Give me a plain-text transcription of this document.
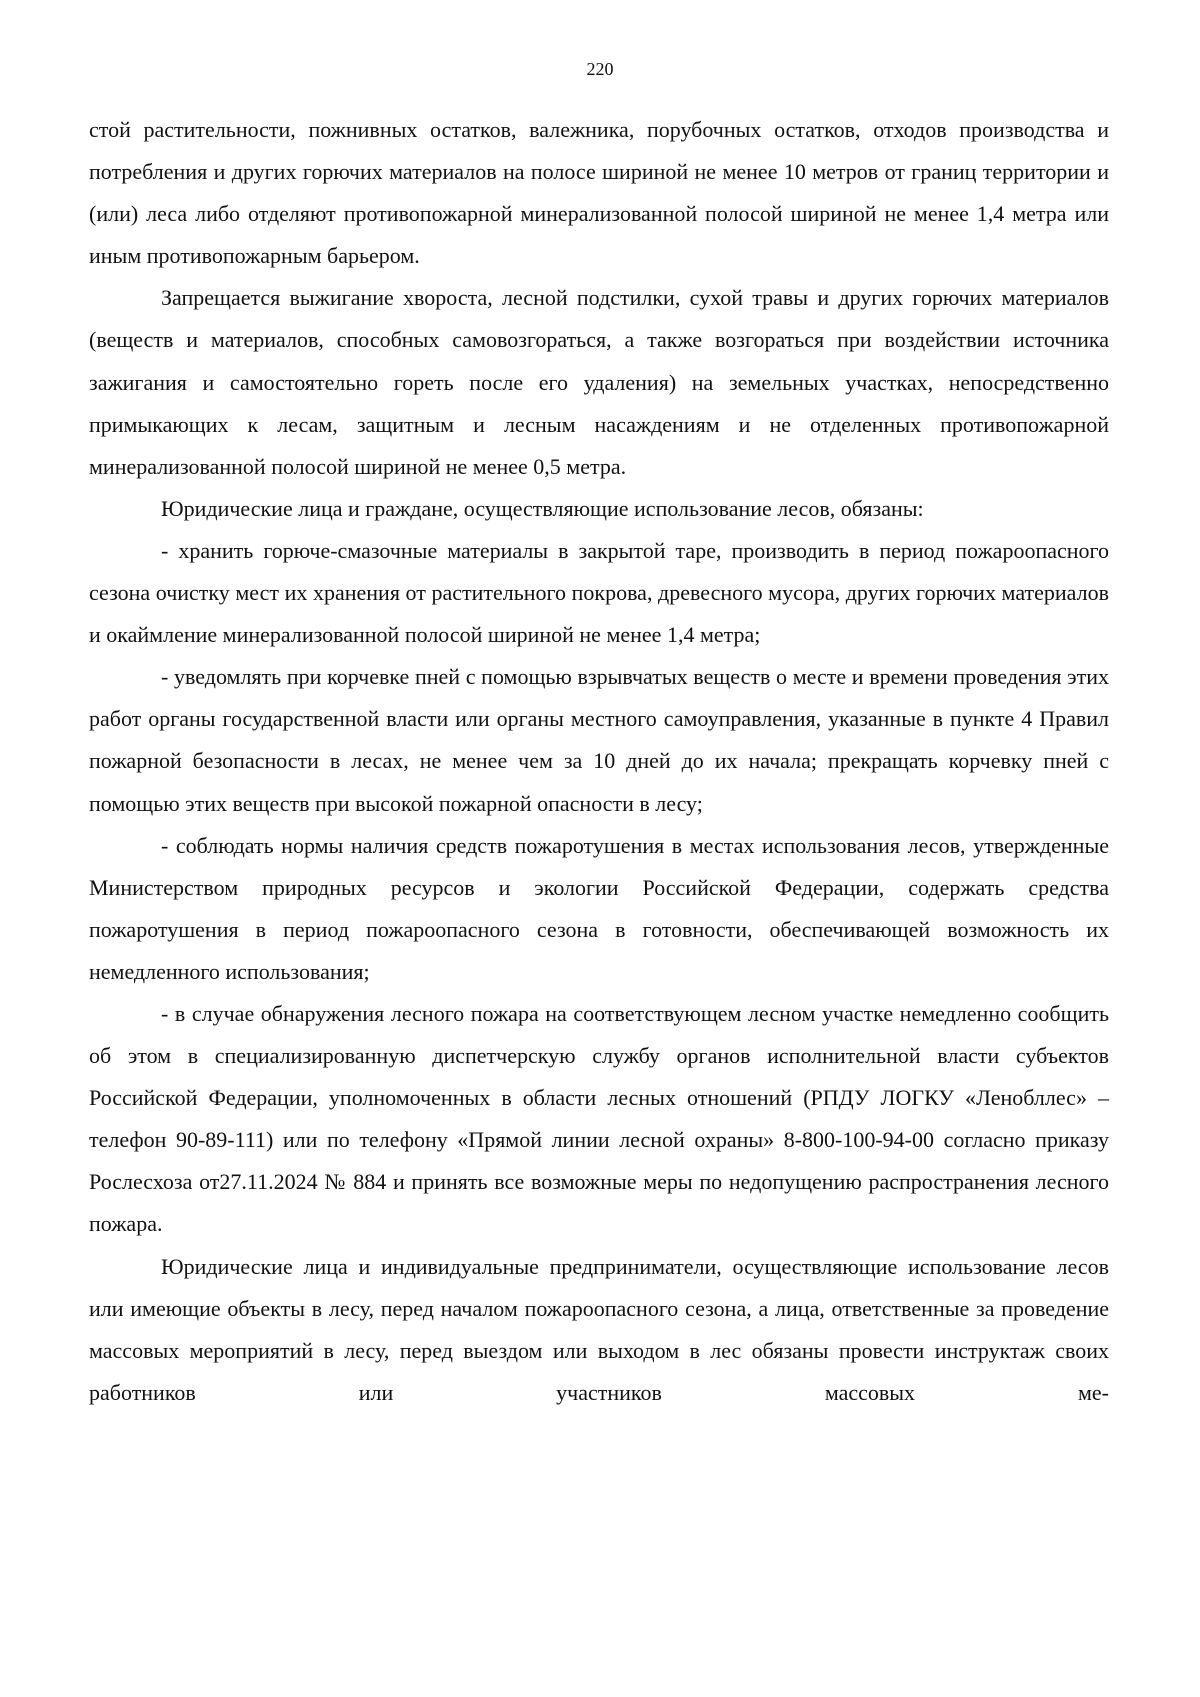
220

стой растительности, пожнивных остатков, валежника, порубочных остатков, отходов производства и потребления и других горючих материалов на полосе шириной не менее 10 метров от границ территории и (или) леса либо отделяют противопожарной минерализованной полосой шириной не менее 1,4 метра или иным противопожарным барьером.

Запрещается выжигание хвороста, лесной подстилки, сухой травы и других горючих материалов (веществ и материалов, способных самовозгораться, а также возгораться при воздействии источника зажигания и самостоятельно гореть после его удаления) на земельных участках, непосредственно примыкающих к лесам, защитным и лесным насаждениям и не отделенных противопожарной минерализованной полосой шириной не менее 0,5 метра.

Юридические лица и граждане, осуществляющие использование лесов, обязаны:

- хранить горюче-смазочные материалы в закрытой таре, производить в период пожароопасного сезона очистку мест их хранения от растительного покрова, древесного мусора, других горючих материалов и окаймление минерализованной полосой шириной не менее 1,4 метра;

- уведомлять при корчевке пней с помощью взрывчатых веществ о месте и времени проведения этих работ органы государственной власти или органы местного самоуправления, указанные в пункте 4 Правил пожарной безопасности в лесах, не менее чем за 10 дней до их начала; прекращать корчевку пней с помощью этих веществ при высокой пожарной опасности в лесу;

- соблюдать нормы наличия средств пожаротушения в местах использования лесов, утвержденные Министерством природных ресурсов и экологии Российской Федерации, содержать средства пожаротушения в период пожароопасного сезона в готовности, обеспечивающей возможность их немедленного использования;

- в случае обнаружения лесного пожара на соответствующем лесном участке немедленно сообщить об этом в специализированную диспетчерскую службу органов исполнительной власти субъектов Российской Федерации, уполномоченных в области лесных отношений (РПДУ ЛОГКУ «Ленобллес» – телефон 90-89-111) или по телефону «Прямой линии лесной охраны» 8-800-100-94-00 согласно приказу Рослесхоза от27.11.2024 № 884 и принять все возможные меры по недопущению распространения лесного пожара.

Юридические лица и индивидуальные предприниматели, осуществляющие использование лесов или имеющие объекты в лесу, перед началом пожароопасного сезона, а лица, ответственные за проведение массовых мероприятий в лесу, перед выездом или выходом в лес обязаны провести инструктаж своих работников или участников массовых ме-
